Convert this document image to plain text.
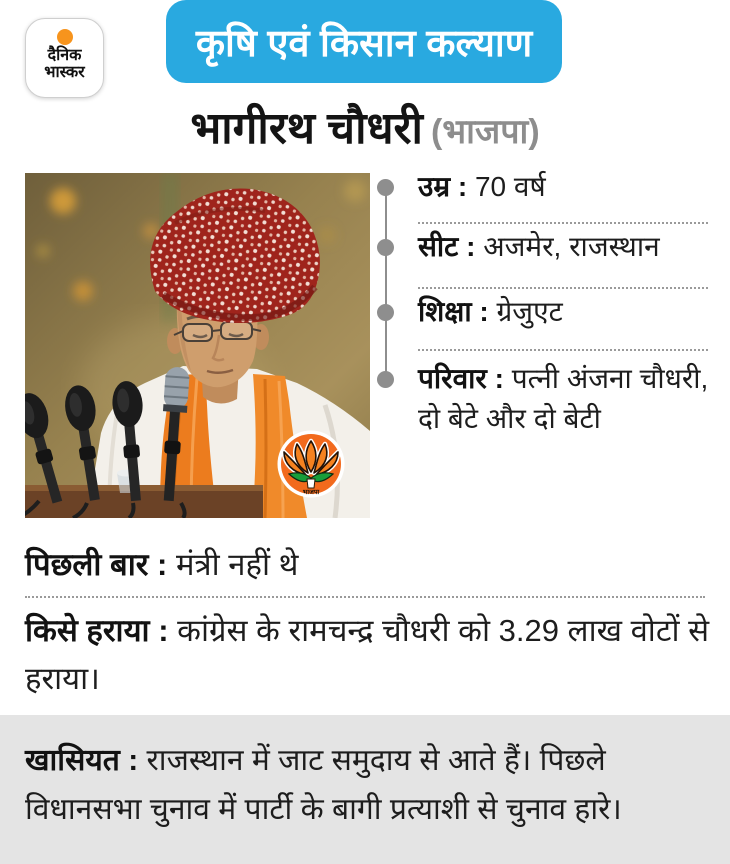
दैनिक
भास्कर
कृषि एवं किसान कल्याण
भागीरथ चौधरी (भाजपा)
भाजपा

उम्र : 70 वर्ष

सीट : अजमेर, राजस्थान

शिक्षा : ग्रेजुएट

परिवार : पत्नी अंजना चौधरी, दो बेटे और दो बेटी

पिछली बार : मंत्री नहीं थे

किसे हराया : कांग्रेस के रामचन्द्र चौधरी को 3.29 लाख वोटों से हराया।

खासियत : राजस्थान में जाट समुदाय से आते हैं। पिछले विधानसभा चुनाव में पार्टी के बागी प्रत्याशी से चुनाव हारे।
